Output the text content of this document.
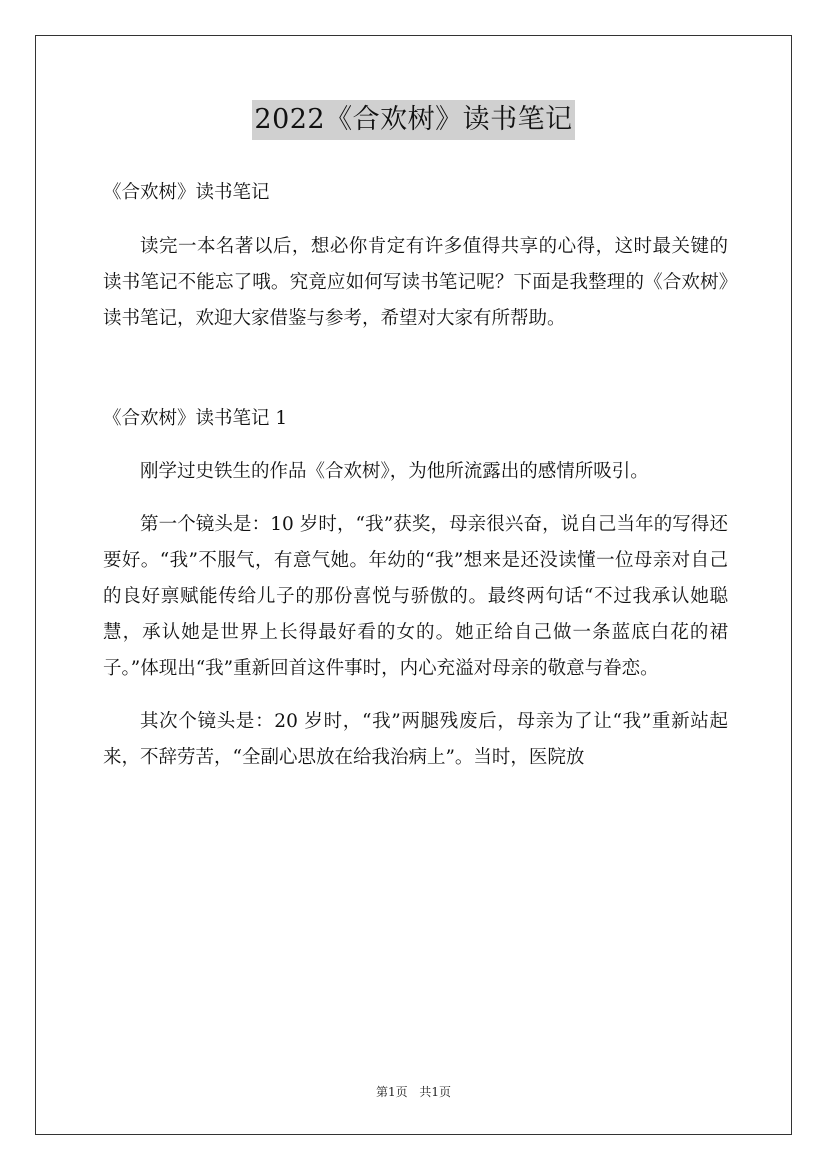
2022《合欢树》读书笔记

《合欢树》读书笔记

读完一本名著以后，想必你肯定有许多值得共享的心得，这时最关键的读书笔记不能忘了哦。究竟应如何写读书笔记呢？下面是我整理的《合欢树》读书笔记，欢迎大家借鉴与参考，希望对大家有所帮助。

《合欢树》读书笔记 1

刚学过史铁生的作品《合欢树》，为他所流露出的感情所吸引。

第一个镜头是：10 岁时，“我”获奖，母亲很兴奋，说自己当年的写得还要好。“我”不服气，有意气她。年幼的“我”想来是还没读懂一位母亲对自己的良好禀赋能传给儿子的那份喜悦与骄傲的。最终两句话“不过我承认她聪慧，承认她是世界上长得最好看的女的。她正给自己做一条蓝底白花的裙子。”体现出“我”重新回首这件事时，内心充溢对母亲的敬意与眷恋。

其次个镜头是：20 岁时，“我”两腿残废后，母亲为了让“我”重新站起来，不辞劳苦，“全副心思放在给我治病上”。当时，医院放

第1页 共1页
